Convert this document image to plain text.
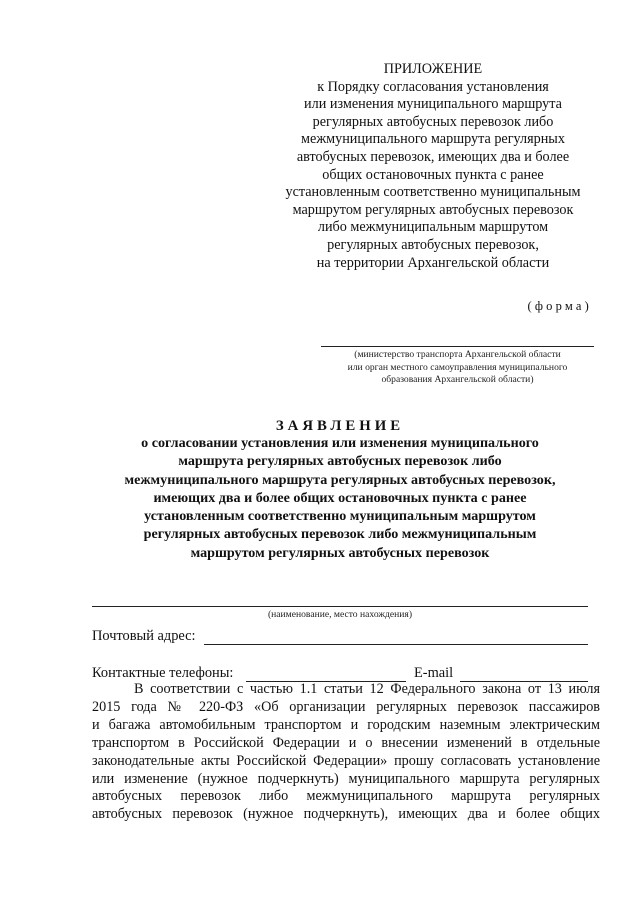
ПРИЛОЖЕНИЕ
к Порядку согласования установления
или изменения муниципального маршрута
регулярных автобусных перевозок либо
межмуниципального маршрута регулярных
автобусных перевозок, имеющих два и более
общих остановочных пункта с ранее
установленным соответственно муниципальным
маршрутом регулярных автобусных перевозок
либо межмуниципальным маршрутом
регулярных автобусных перевозок,
на территории Архангельской области
(форма)
(министерство транспорта Архангельской области
или орган местного самоуправления муниципального
образования Архангельской области)
ЗАЯВЛЕНИЕ
о согласовании установления или изменения муниципального
маршрута регулярных автобусных перевозок либо
межмуниципального маршрута регулярных автобусных перевозок,
имеющих два и более общих остановочных пункта с ранее
установленным соответственно муниципальным маршрутом
регулярных автобусных перевозок либо межмуниципальным
маршрутом регулярных автобусных перевозок
(наименование, место нахождения)
Почтовый адрес:
Контактные телефоны:	E-mail
В соответствии с частью 1.1 статьи 12 Федерального закона от 13 июля
2015 года № 220-ФЗ «Об организации регулярных перевозок пассажиров
и багажа автомобильным транспортом и городским наземным электрическим
транспортом в Российской Федерации и о внесении изменений в отдельные
законодательные акты Российской Федерации» прошу согласовать установление
или изменение (нужное подчеркнуть) муниципального маршрута регулярных
автобусных перевозок либо межмуниципального маршрута регулярных
автобусных перевозок (нужное подчеркнуть), имеющих два и более общих
